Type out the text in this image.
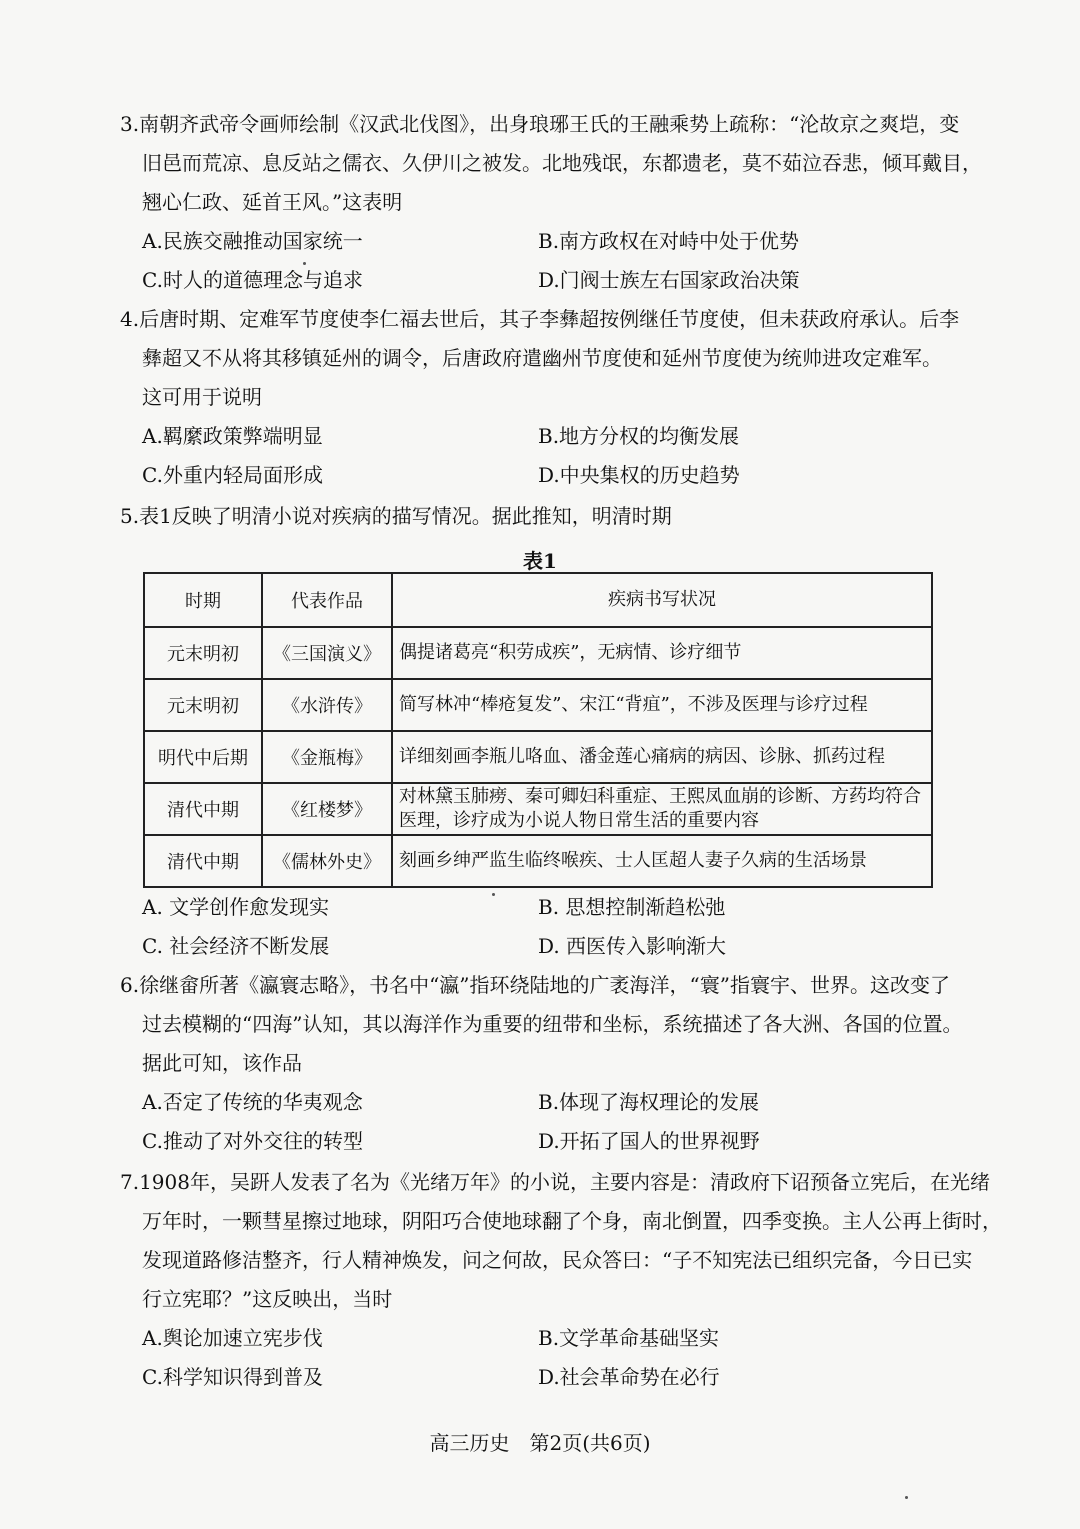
3.南朝齐武帝令画师绘制《汉武北伐图》，出身琅琊王氏的王融乘势上疏称：“沦故京之爽垲，变
旧邑而荒凉、息反站之儒衣、久伊川之被发。北地残氓，东都遗老，莫不茹泣吞悲，倾耳戴目，
翘心仁政、延首王风。”这表明
A.民族交融推动国家统一	B.南方政权在对峙中处于优势
C.时人的道德理念与追求	D.门阀士族左右国家政治决策
4.后唐时期、定难军节度使李仁福去世后，其子李彝超按例继任节度使，但未获政府承认。后李
彝超又不从将其移镇延州的调令，后唐政府遣幽州节度使和延州节度使为统帅进攻定难军。
这可用于说明
A.羁縻政策弊端明显	B.地方分权的均衡发展
C.外重内轻局面形成	D.中央集权的历史趋势
5.表1反映了明清小说对疾病的描写情况。据此推知，明清时期
表1
时期	代表作品	疾病书写状况
元末明初	《三国演义》	偶提诸葛亮“积劳成疾”，无病情、诊疗细节
元末明初	《水浒传》	简写林冲“棒疮复发”、宋江“背疽”，不涉及医理与诊疗过程
明代中后期	《金瓶梅》	详细刻画李瓶儿咯血、潘金莲心痛病的病因、诊脉、抓药过程
清代中期	《红楼梦》	对林黛玉肺痨、秦可卿妇科重症、王熙凤血崩的诊断、方药均符合医理，诊疗成为小说人物日常生活的重要内容
清代中期	《儒林外史》	刻画乡绅严监生临终喉疾、士人匡超人妻子久病的生活场景
A. 文学创作愈发现实	B. 思想控制渐趋松弛
C. 社会经济不断发展	D. 西医传入影响渐大
6.徐继畲所著《瀛寰志略》，书名中“瀛”指环绕陆地的广袤海洋，“寰”指寰宇、世界。这改变了
过去模糊的“四海”认知，其以海洋作为重要的纽带和坐标，系统描述了各大洲、各国的位置。
据此可知，该作品
A.否定了传统的华夷观念	B.体现了海权理论的发展
C.推动了对外交往的转型	D.开拓了国人的世界视野
7.1908年，吴趼人发表了名为《光绪万年》的小说，主要内容是：清政府下诏预备立宪后，在光绪
万年时，一颗彗星擦过地球，阴阳巧合使地球翻了个身，南北倒置，四季变换。主人公再上街时，
发现道路修洁整齐，行人精神焕发，问之何故，民众答曰：“子不知宪法已组织完备，今日已实
行立宪耶？”这反映出，当时
A.舆论加速立宪步伐	B.文学革命基础坚实
C.科学知识得到普及	D.社会革命势在必行
高三历史　第2页(共6页)
